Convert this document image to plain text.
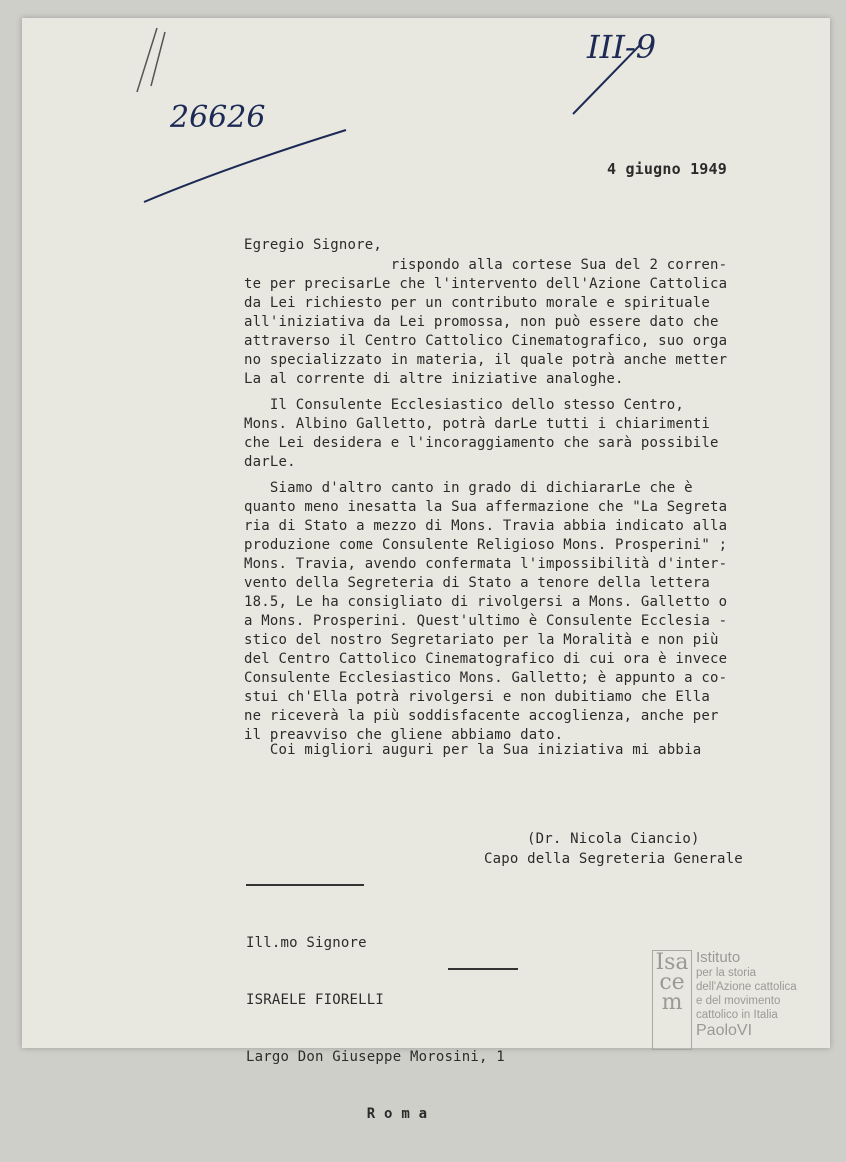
26626
III-9
4 giugno 1949
Egregio Signore,
rispondo alla cortese Sua del 2 corren-
te per precisarLe che l'intervento dell'Azione Cattolica
da Lei richiesto per un contributo morale e spirituale
all'iniziativa da Lei promossa, non può essere dato che
attraverso il Centro Cattolico Cinematografico, suo orga
no specializzato in materia, il quale potrà anche metter
La al corrente di altre iniziative analoghe.
Il Consulente Ecclesiastico dello stesso Centro,
Mons. Albino Galletto, potrà darLe tutti i chiarimenti
che Lei desidera e l'incoraggiamento che sarà possibile
darLe.
Siamo d'altro canto in grado di dichiararLe che è
quanto meno inesatta la Sua affermazione che "La Segreta
ria di Stato a mezzo di Mons. Travia abbia indicato alla
produzione come Consulente Religioso Mons. Prosperini" ;
Mons. Travia, avendo confermata l'impossibilità d'inter-
vento della Segreteria di Stato a tenore della lettera
18.5, Le ha consigliato di rivolgersi a Mons. Galletto o
a Mons. Prosperini. Quest'ultimo è Consulente Ecclesia -
stico del nostro Segretariato per la Moralità e non più
del Centro Cattolico Cinematografico di cui ora è invece
Consulente Ecclesiastico Mons. Galletto; è appunto a co-
stui ch'Ella potrà rivolgersi e non dubitiamo che Ella
ne riceverà la più soddisfacente accoglienza, anche per
il preavviso che gliene abbiamo dato.
Coi migliori auguri per la Sua iniziativa mi abbia
(Dr. Nicola Ciancio)
Capo della Segreteria Generale

Ill.mo Signore

ISRAELE FIORELLI

Largo Don Giuseppe Morosini, 1

R o m a

Isacem
Istituto
per la storia
dell'Azione cattolica
e del movimento
cattolico in Italia
PaoloVI
